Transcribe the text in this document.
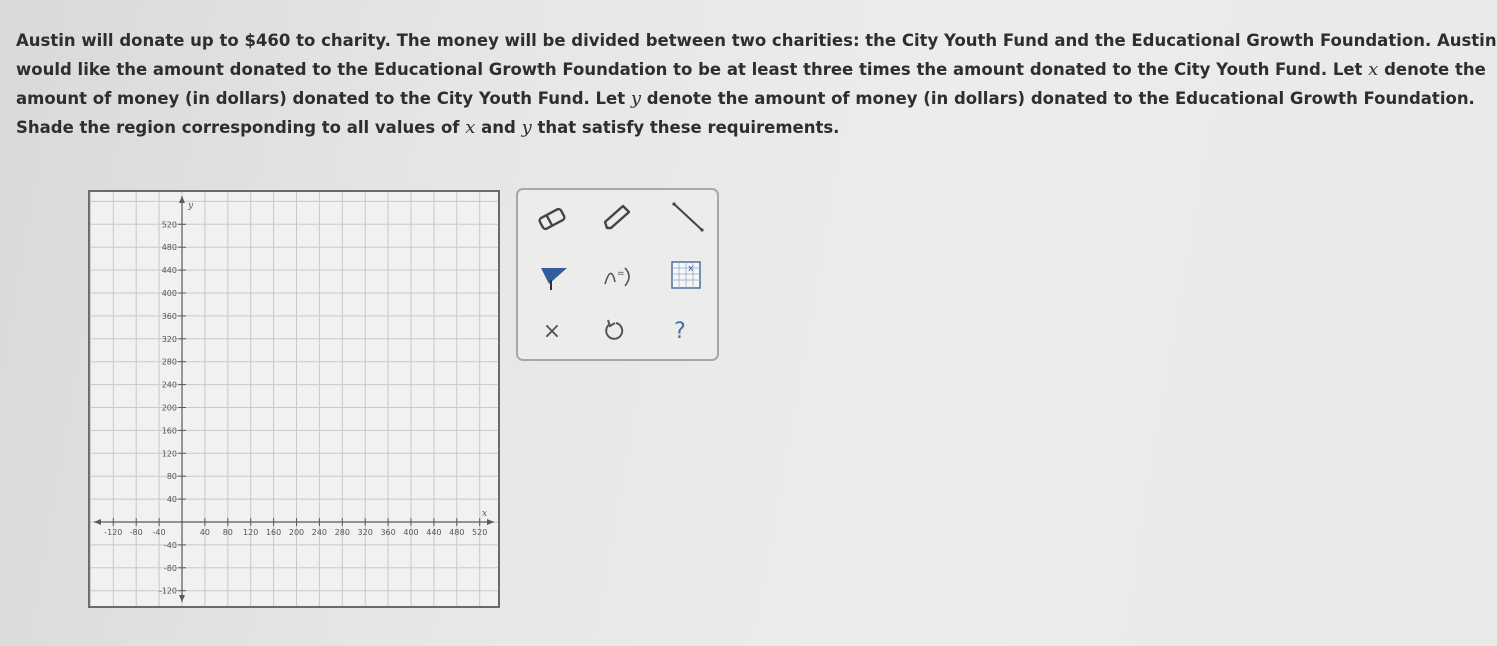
Austin will donate up to $460 to charity. The money will be divided between two charities: the City Youth Fund and the Educational Growth Foundation. Austin

would like the amount donated to the Educational Growth Foundation to be at least three times the amount donated to the City Youth Fund. Let x denote the

amount of money (in dollars) donated to the City Youth Fund. Let y denote the amount of money (in dollars) donated to the Educational Growth Foundation.

Shade the region corresponding to all values of x and y that satisfy these requirements.

520
480
440
400
360
320
280
240
200
160
120
80
40
-40
-80
-120
-120 -80 -40	40 80 120 160 200 240 280 320 360 400 440 480 520
x
y
=	x
×	?
